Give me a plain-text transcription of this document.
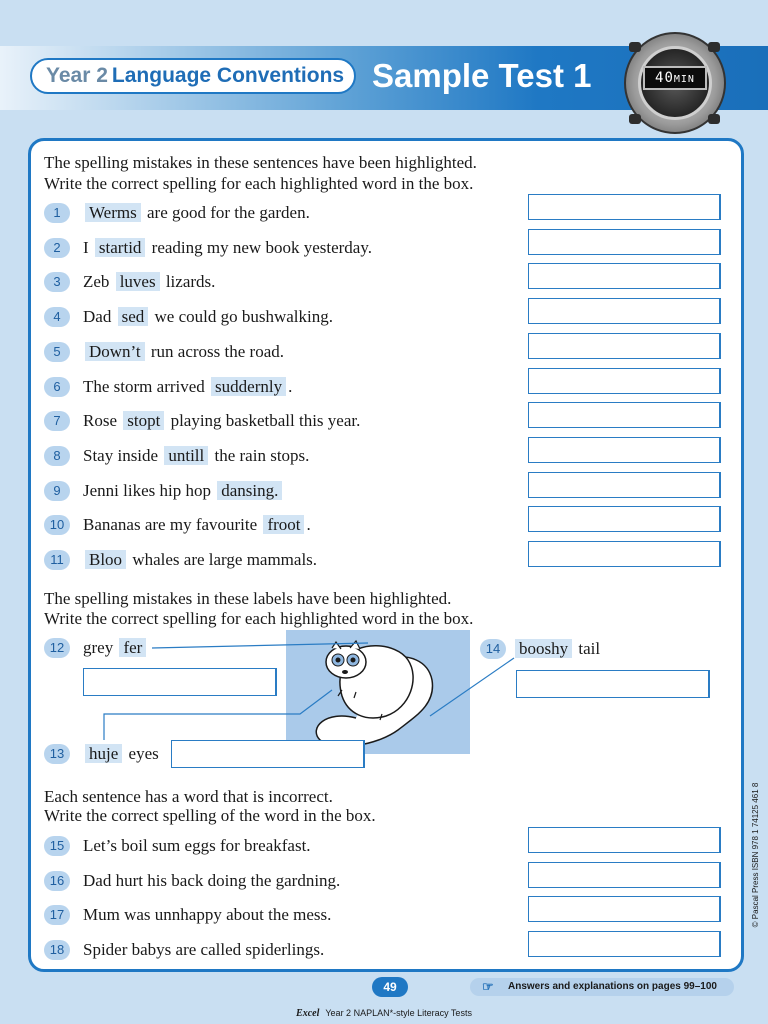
Year 2 Language Conventions Sample Test 1	40MIN
The spelling mistakes in these sentences have been highlighted.
Write the correct spelling for each highlighted word in the box.
1	Werms are good for the garden.
2	I startid reading my new book yesterday.
3	Zeb luves lizards.
4	Dad sed we could go bushwalking.
5	Down’t run across the road.
6	The storm arrived suddernly .
7	Rose stopt playing basketball this year.
8	Stay inside untill the rain stops.
9	Jenni likes hip hop dansing.
10	Bananas are my favourite froot .
11	Bloo whales are large mammals.
The spelling mistakes in these labels have been highlighted.
Write the correct spelling for each highlighted word in the box.
12	grey fer
13	huje eyes
14	booshy tail
Each sentence has a word that is incorrect.
Write the correct spelling of the word in the box.
15	Let’s boil sum eggs for breakfast.
16	Dad hurt his back doing the gardning.
17	Mum was unnhappy about the mess.
18	Spider babys are called spiderlings.
49	☞ Answers and explanations on pages 99–100
Excel Year 2 NAPLAN*-style Literacy Tests
© Pascal Press ISBN 978 1 74125 461 8
